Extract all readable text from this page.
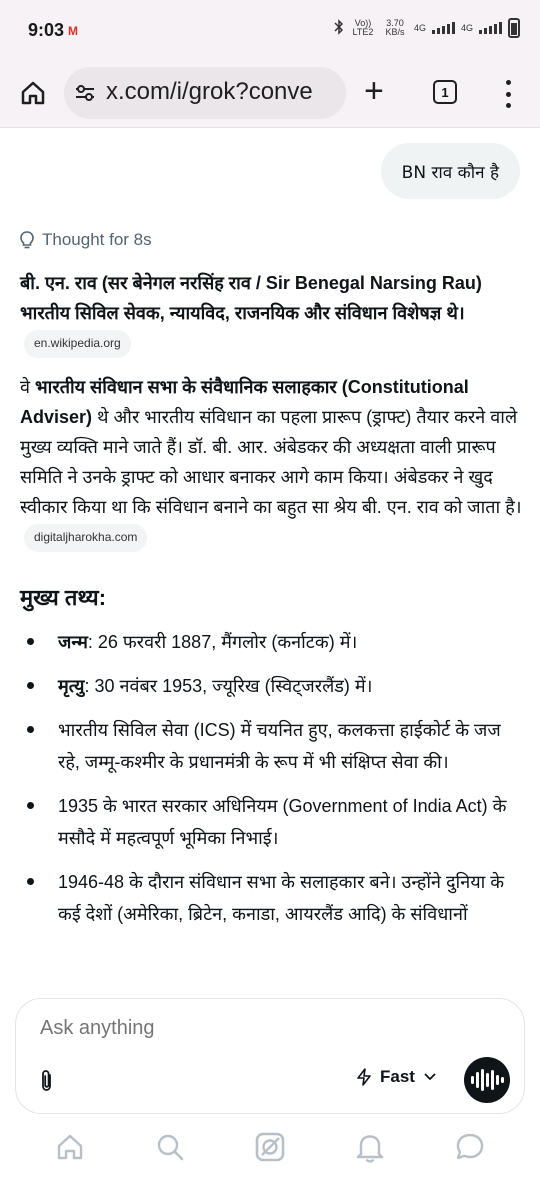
9:03 M
Vo)) LTE2
3.70 KB/s	4G	4G
x.com/i/grok?conve +	1
BN राव कौन है
Thought for 8s

बी. एन. राव (सर बेनेगल नरसिंह राव / Sir Benegal Narsing Rau) भारतीय सिविल सेवक, न्यायविद, राजनयिक और संविधान विशेषज्ञ थे। en.wikipedia.org

वे भारतीय संविधान सभा के संवैधानिक सलाहकार (Constitutional Adviser) थे और भारतीय संविधान का पहला प्रारूप (ड्राफ्ट) तैयार करने वाले मुख्य व्यक्ति माने जाते हैं। डॉ. बी. आर. अंबेडकर की अध्यक्षता वाली प्रारूप समिति ने उनके ड्राफ्ट को आधार बनाकर आगे काम किया। अंबेडकर ने खुद स्वीकार किया था कि संविधान बनाने का बहुत सा श्रेय बी. एन. राव को जाता है। digitaljharokha.com

मुख्य तथ्य:
जन्म: 26 फरवरी 1887, मैंगलोर (कर्नाटक) में।
मृत्यु: 30 नवंबर 1953, ज्यूरिख (स्विट्जरलैंड) में।
भारतीय सिविल सेवा (ICS) में चयनित हुए, कलकत्ता हाईकोर्ट के जज रहे, जम्मू-कश्मीर के प्रधानमंत्री के रूप में भी संक्षिप्त सेवा की।
1935 के भारत सरकार अधिनियम (Government of India Act) के मसौदे में महत्वपूर्ण भूमिका निभाई।
1946-48 के दौरान संविधान सभा के सलाहकार बने। उन्होंने दुनिया के कई देशों (अमेरिका, ब्रिटेन, कनाडा, आयरलैंड आदि) के संविधानों
Ask anything
Fast
